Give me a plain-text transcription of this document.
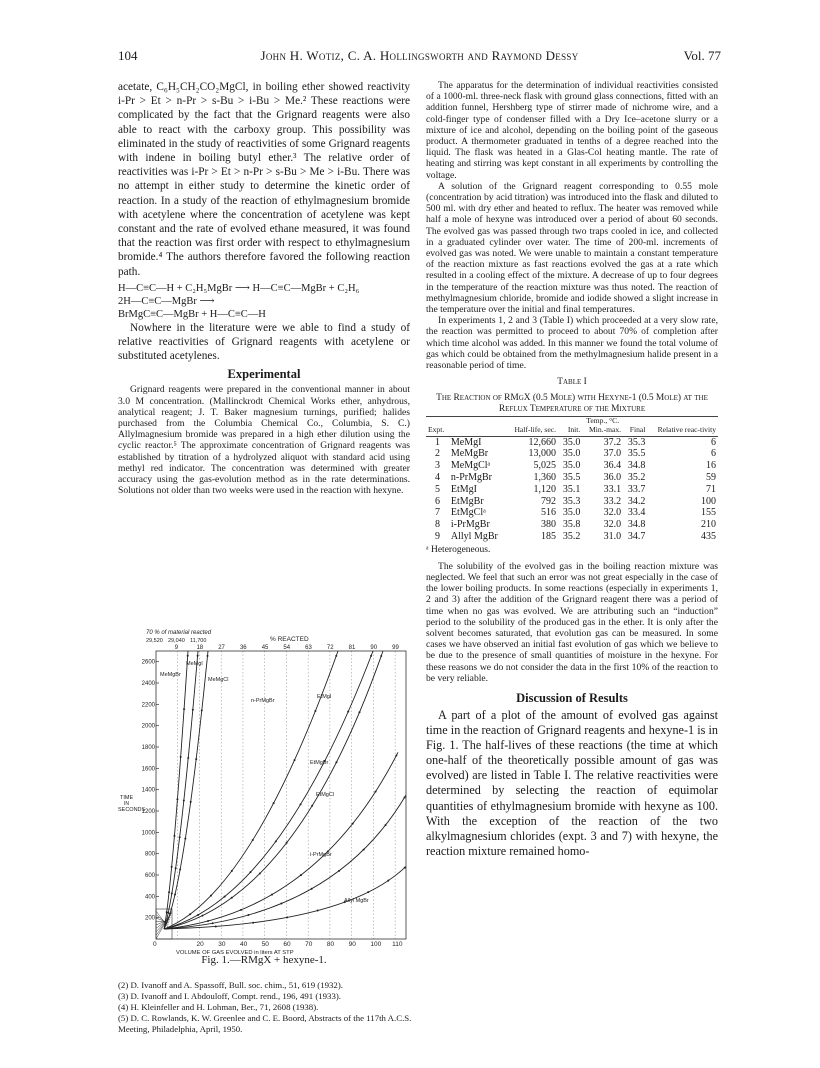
104	John H. Wotiz, C. A. Hollingsworth and Raymond Dessy	Vol. 77

acetate, C₆H₅CH₂CO₂MgCl, in boiling ether showed reactivity i-Pr > Et > n-Pr > s-Bu > i-Bu > Me.² These reactions were complicated by the fact that the Grignard reagents were also able to react with the carboxy group. This possibility was eliminated in the study of reactivities of some Grignard reagents with indene in boiling butyl ether.³ The relative order of reactivities was i-Pr > Et > n-Pr > s-Bu > Me > i-Bu. There was no attempt in either study to determine the kinetic order of reaction. In a study of the reaction of ethylmagnesium bromide with acetylene where the concentration of acetylene was kept constant and the rate of evolved ethane measured, it was found that the reaction was first order with respect to ethylmagnesium bromide.⁴ The authors therefore favored the following reaction path.

H—C≡C—H + C₂H₅MgBr ⟶ H—C≡C—MgBr + C₂H₆
2H—C≡C—MgBr ⟶
BrMgC≡C—MgBr + H—C≡C—H

Nowhere in the literature were we able to find a study of relative reactivities of Grignard reagents with acetylene or substituted acetylenes.

Experimental

Grignard reagents were prepared in the conventional manner in about 3.0 M concentration. (Mallinckrodt Chemical Works ether, anhydrous, analytical reagent; J. T. Baker magnesium turnings, purified; halides purchased from the Columbia Chemical Co., Columbia, S. C.) Allylmagnesium bromide was prepared in a high ether dilution using the cyclic reactor.⁵ The approximate concentration of Grignard reagents was established by titration of a hydrolyzed aliquot with standard acid using methyl red indicator. The concentration was determined with greater accuracy using the gas-evolution method as in the rate determinations. Solutions not older than two weeks were used in the reaction with hexyne.

70 % of material reacted
29,520 29,040 11,700	% REACTED
9	18	27	36	45	54	63	72	81	90	99
200
400
600
800
1000
1200
1400
1600
1800
2000
2200
2400
2600
0	20 30 40 50 60 70 80 90 100 110
TIME
IN
SECONDS
VOLUME OF GAS EVOLVED in liters AT STP
MeMgBr
MeMgI
MeMgCl
n-PrMgBr
EtMgI
EtMgBr
EtMgCl
i-PrMgBr
Allyl MgBr
Fig. 1.—RMgX + hexyne-1.
(2) D. Ivanoff and A. Spassoff, Bull. soc. chim., 51, 619 (1932).
(3) D. Ivanoff and I. Abdouloff, Compt. rend., 196, 491 (1933).
(4) H. Kleinfeller and H. Lohman, Ber., 71, 2608 (1938).
(5) D. C. Rowlands, K. W. Greenlee and C. E. Boord, Abstracts of the 117th A.C.S. Meeting, Philadelphia, April, 1950.

The apparatus for the determination of individual reactivities consisted of a 1000-ml. three-neck flask with ground glass connections, fitted with an addition funnel, Hershberg type of stirrer made of nichrome wire, and a cold-finger type of condenser filled with a Dry Ice–acetone slurry or a mixture of ice and alcohol, depending on the boiling point of the gaseous product. A thermometer graduated in tenths of a degree reached into the liquid. The flask was heated in a Glas-Col heating mantle. The rate of heating and stirring was kept constant in all experiments by controlling the voltage.

A solution of the Grignard reagent corresponding to 0.55 mole (concentration by acid titration) was introduced into the flask and diluted to 500 ml. with dry ether and heated to reflux. The heater was removed while half a mole of hexyne was introduced over a period of about 60 seconds. The evolved gas was passed through two traps cooled in ice, and collected in a graduated cylinder over water. The time of 200-ml. increments of evolved gas was noted. We were unable to maintain a constant temperature of the reaction mixture as fast reactions evolved the gas at a rate which resulted in a cooling effect of the mixture. A decrease of up to four degrees in the temperature of the reaction mixture was thus noted. The reaction of methylmagnesium chloride, bromide and iodide showed a slight increase in the temperature over the initial and final temperatures.

In experiments 1, 2 and 3 (Table I) which proceeded at a very slow rate, the reaction was permitted to proceed to about 70% of completion after which time alcohol was added. In this manner we found the total volume of gas which could be obtained from the methylmagnesium halide present in a reasonable period of time.

Table I
The Reaction of RMgX (0.5 Mole) with Hexyne-1 (0.5 Mole) at the Reflux Temperature of the Mixture
Expt.		Half-life, sec.	Temp., °C.			Relative reac-tivity
			Init.	Min.-max.	Final	
1	MeMgI	12,660	35.0	37.2	35.3	6
2	MeMgBr	13,000	35.0	37.0	35.5	6
3	MeMgClᵃ	5,025	35.0	36.4	34.8	16
4	n-PrMgBr	1,360	35.5	36.0	35.2	59
5	EtMgI	1,120	35.1	33.1	33.7	71
6	EtMgBr	792	35.3	33.2	34.2	100
7	EtMgClᵃ	516	35.0	32.0	33.4	155
8	i-PrMgBr	380	35.8	32.0	34.8	210
9	Allyl MgBr	185	35.2	31.0	34.7	435
ᵃ Heterogeneous.

The solubility of the evolved gas in the boiling reaction mixture was neglected. We feel that such an error was not great especially in the case of the lower boiling products. In some reactions (especially in experiments 1, 2 and 3) after the addition of the Grignard reagent there was a period of time when no gas was evolved. We are attributing such an “induction” period to the solubility of the produced gas in the ether. It is only after the solvent becomes saturated, that evolution gas can be measured. In some cases we have observed an initial fast evolution of gas which we believe to be due to the presence of small quantities of moisture in the hexyne. For these reasons we do not consider the data in the first 10% of the reaction to be very reliable.

Discussion of Results

A part of a plot of the amount of evolved gas against time in the reaction of Grignard reagents and hexyne-1 is in Fig. 1. The half-lives of these reactions (the time at which one-half of the theoretically possible amount of gas was evolved) are listed in Table I. The relative reactivities were determined by selecting the reaction of equimolar quantities of ethylmagnesium bromide with hexyne as 100. With the exception of the reaction of the two alkylmagnesium chlorides (expt. 3 and 7) with hexyne, the reaction mixture remained homo-
